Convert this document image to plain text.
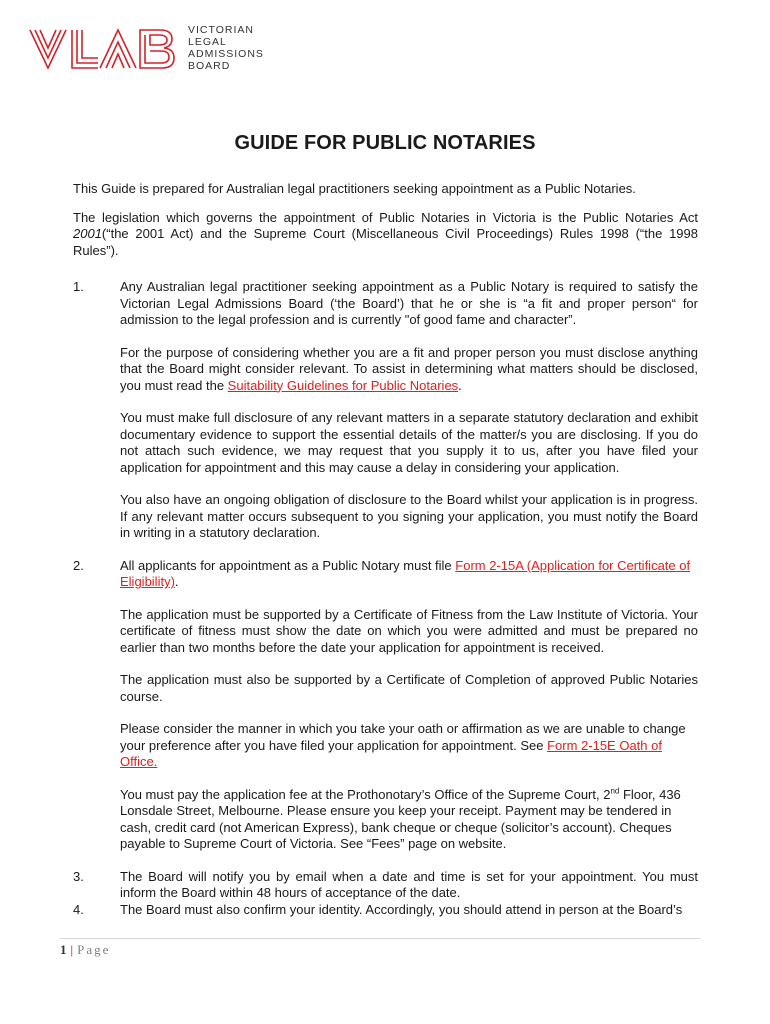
VICTORIAN
LEGAL
ADMISSIONS
BOARD
GUIDE FOR PUBLIC NOTARIES

This Guide is prepared for Australian legal practitioners seeking appointment as a Public Notaries.

The legislation which governs the appointment of Public Notaries in Victoria is the Public Notaries Act 2001(“the 2001 Act) and the Supreme Court (Miscellaneous Civil Proceedings) Rules 1998 (“the 1998 Rules”).

1.	Any Australian legal practitioner seeking appointment as a Public Notary is required to satisfy the Victorian Legal Admissions Board (‘the Board’) that he or she is “a fit and proper person“ for admission to the legal profession and is currently "of good fame and character”.

For the purpose of considering whether you are a fit and proper person you must disclose anything that the Board might consider relevant. To assist in determining what matters should be disclosed, you must read the Suitability Guidelines for Public Notaries.

You must make full disclosure of any relevant matters in a separate statutory declaration and exhibit documentary evidence to support the essential details of the matter/s you are disclosing. If you do not attach such evidence, we may request that you supply it to us, after you have filed your application for appointment and this may cause a delay in considering your application.

You also have an ongoing obligation of disclosure to the Board whilst your application is in progress. If any relevant matter occurs subsequent to you signing your application, you must notify the Board in writing in a statutory declaration.

2.	All applicants for appointment as a Public Notary must file Form 2-15A (Application for Certificate of Eligibility).

The application must be supported by a Certificate of Fitness from the Law Institute of Victoria. Your certificate of fitness must show the date on which you were admitted and must be prepared no earlier than two months before the date your application for appointment is received.

The application must also be supported by a Certificate of Completion of approved Public Notaries course.

Please consider the manner in which you take your oath or affirmation as we are unable to change your preference after you have filed your application for appointment. See Form 2-15E Oath of Office.

You must pay the application fee at the Prothonotary’s Office of the Supreme Court, 2nd Floor, 436 Lonsdale Street, Melbourne. Please ensure you keep your receipt. Payment may be tendered in cash, credit card (not American Express), bank cheque or cheque (solicitor’s account). Cheques payable to Supreme Court of Victoria. See “Fees” page on website.

3.	The Board will notify you by email when a date and time is set for your appointment. You must inform the Board within 48 hours of acceptance of the date.

4.	The Board must also confirm your identity. Accordingly, you should attend in person at the Board’s

1 | Page
